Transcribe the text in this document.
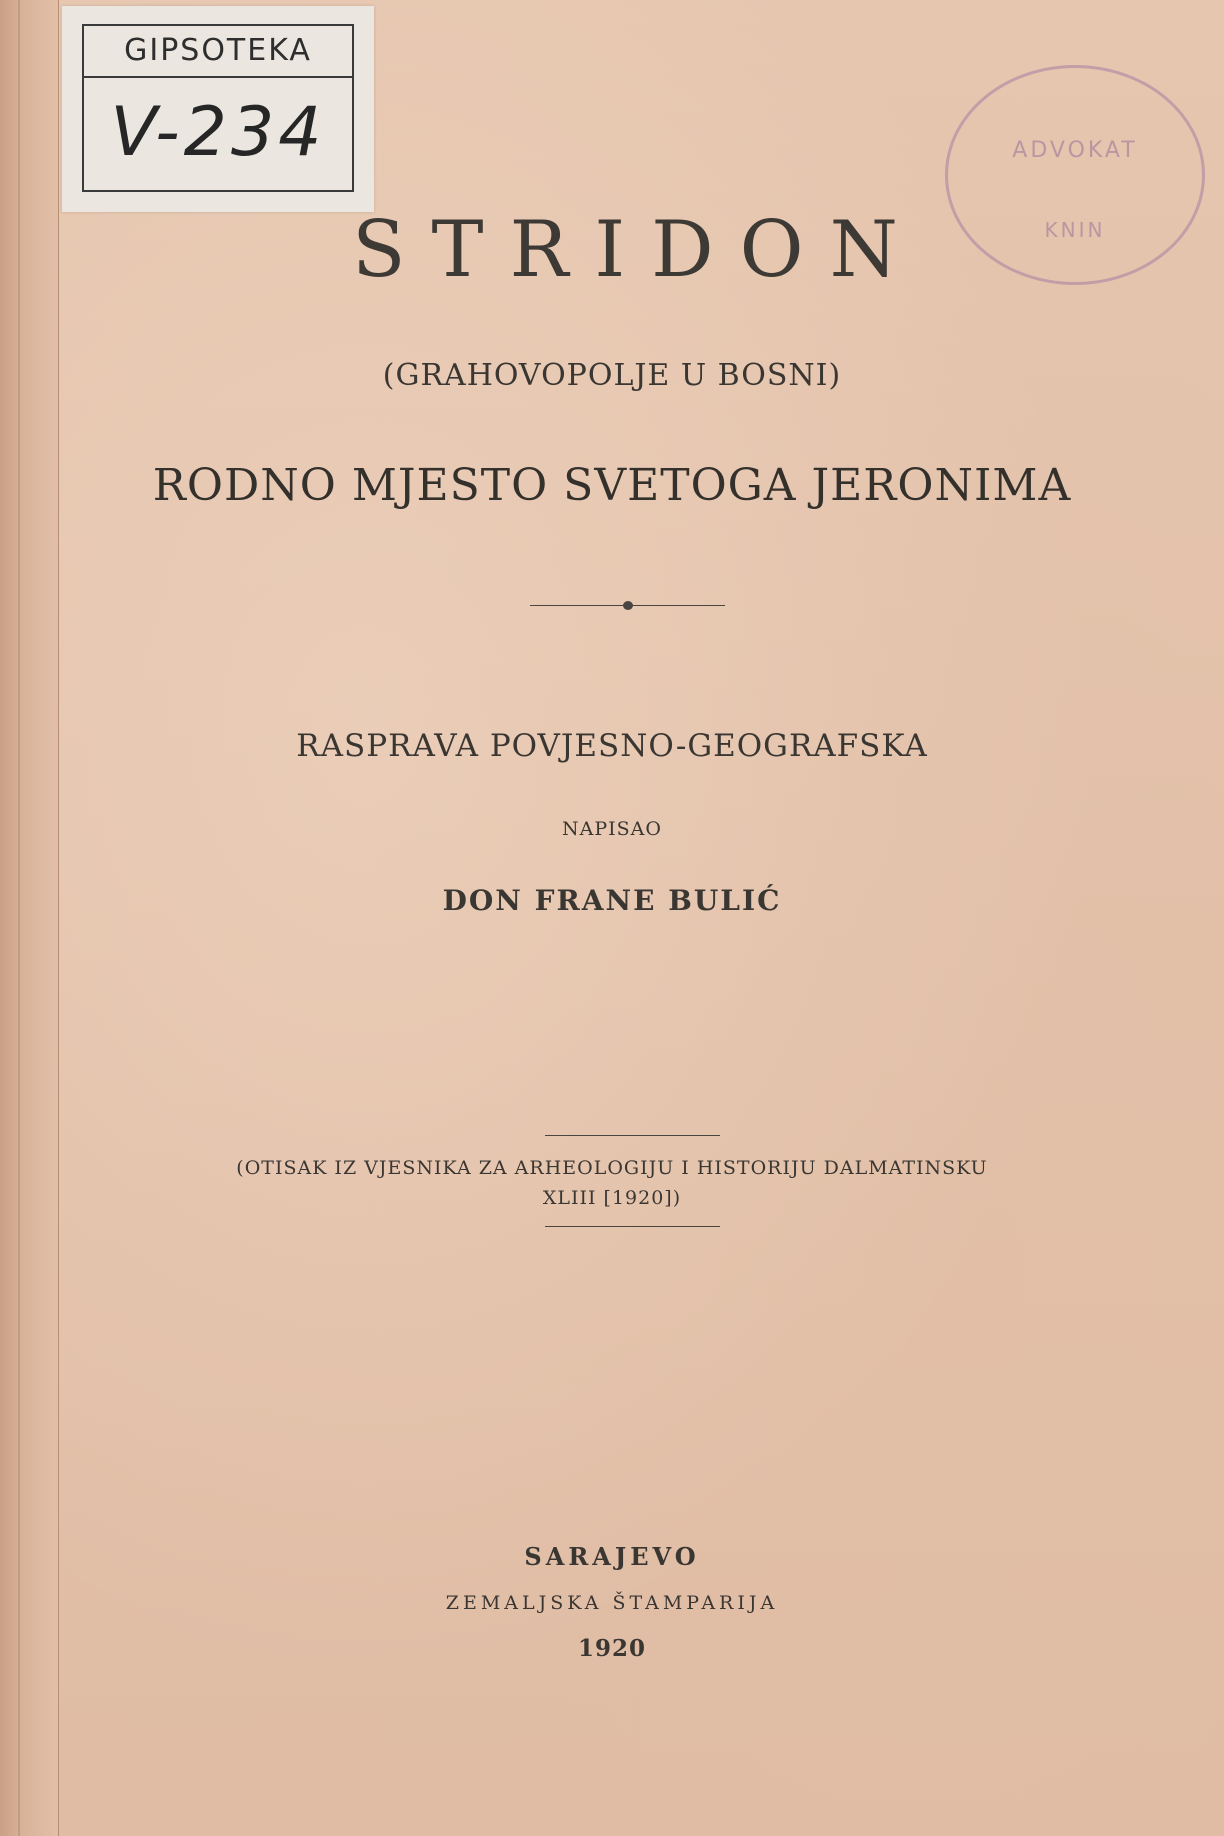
GIPSOTEKA
V-234	ADVOKAT
KNIN
STRIDON
(GRAHOVOPOLJE U BOSNI)
RODNO MJESTO SVETOGA JERONIMA
RASPRAVA POVJESNO-GEOGRAFSKA
NAPISAO
DON FRANE BULIĆ
(OTISAK IZ VJESNIKA ZA ARHEOLOGIJU I HISTORIJU DALMATINSKU
XLIII [1920])
SARAJEVO
ZEMALJSKA ŠTAMPARIJA
1920
